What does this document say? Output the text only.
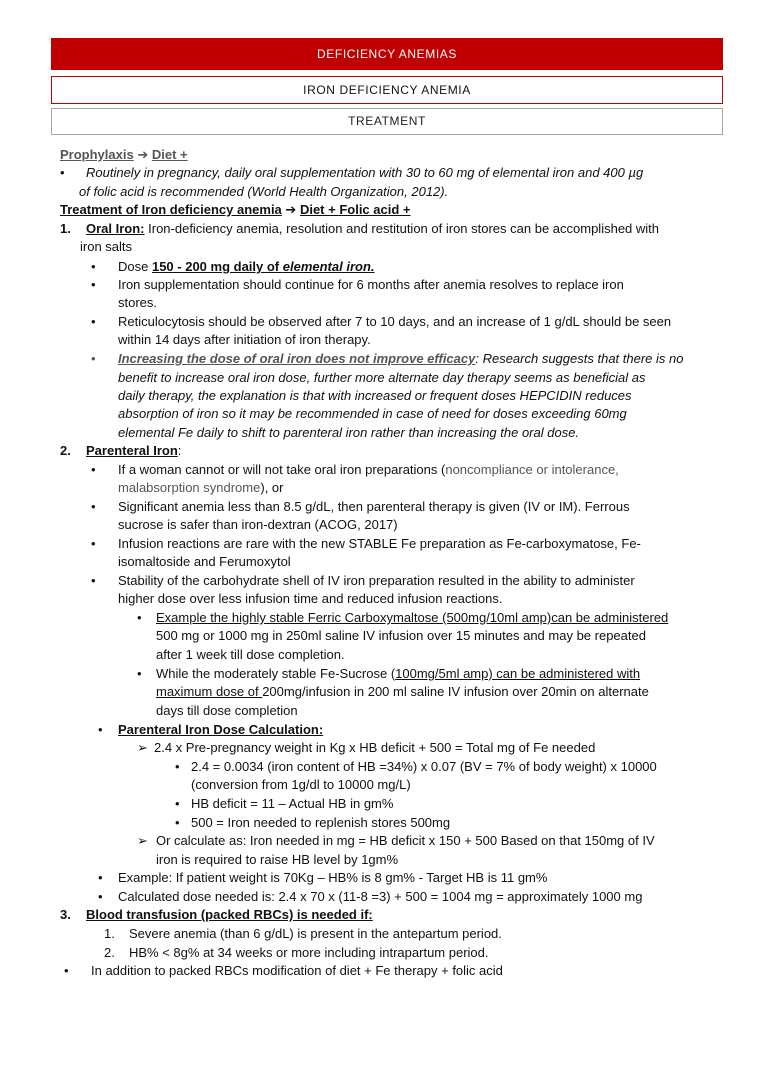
DEFICIENCY ANEMIAS
IRON DEFICIENCY ANEMIA
TREATMENT
Prophylaxis ➔ Diet +
• Routinely in pregnancy, daily oral supplementation with 30 to 60 mg of elemental iron and 400 µg
of folic acid is recommended (World Health Organization, 2012).
Treatment of Iron deficiency anemia ➔ Diet + Folic acid +
1. Oral Iron: Iron-deficiency anemia, resolution and restitution of iron stores can be accomplished with
iron salts
• Dose 150 - 200 mg daily of elemental iron.
• Iron supplementation should continue for 6 months after anemia resolves to replace iron
stores.
• Reticulocytosis should be observed after 7 to 10 days, and an increase of 1 g/dL should be seen
within 14 days after initiation of iron therapy.
• Increasing the dose of oral iron does not improve efficacy: Research suggests that there is no
benefit to increase oral iron dose, further more alternate day therapy seems as beneficial as
daily therapy, the explanation is that with increased or frequent doses HEPCIDIN reduces
absorption of iron so it may be recommended in case of need for doses exceeding 60mg
elemental Fe daily to shift to parenteral iron rather than increasing the oral dose.
2. Parenteral Iron:
• If a woman cannot or will not take oral iron preparations (noncompliance or intolerance,
malabsorption syndrome), or
• Significant anemia less than 8.5 g/dL, then parenteral therapy is given (IV or IM). Ferrous
sucrose is safer than iron-dextran (ACOG, 2017)
• Infusion reactions are rare with the new STABLE Fe preparation as Fe-carboxymatose, Fe-
isomaltoside and Ferumoxytol
• Stability of the carbohydrate shell of IV iron preparation resulted in the ability to administer
higher dose over less infusion time and reduced infusion reactions.
• Example the highly stable Ferric Carboxymaltose (500mg/10ml amp)can be administered
500 mg or 1000 mg in 250ml saline IV infusion over 15 minutes and may be repeated
after 1 week till dose completion.
• While the moderately stable Fe-Sucrose (100mg/5ml amp) can be administered with
maximum dose of 200mg/infusion in 200 ml saline IV infusion over 20min on alternate
days till dose completion
• Parenteral Iron Dose Calculation:
➢ 2.4 x Pre-pregnancy weight in Kg x HB deficit + 500 = Total mg of Fe needed
• 2.4 = 0.0034 (iron content of HB =34%) x 0.07 (BV = 7% of body weight) x 10000
(conversion from 1g/dl to 10000 mg/L)
• HB deficit = 11 – Actual HB in gm%
• 500 = Iron needed to replenish stores 500mg
➢ Or calculate as: Iron needed in mg = HB deficit x 150 + 500 Based on that 150mg of IV
iron is required to raise HB level by 1gm%
• Example: If patient weight is 70Kg – HB% is 8 gm% - Target HB is 11 gm%
• Calculated dose needed is: 2.4 x 70 x (11-8 =3) + 500 = 1004 mg = approximately 1000 mg
3. Blood transfusion (packed RBCs) is needed if:
1. Severe anemia (than 6 g/dL) is present in the antepartum period.
2. HB% < 8g% at 34 weeks or more including intrapartum period.
• In addition to packed RBCs modification of diet + Fe therapy + folic acid
